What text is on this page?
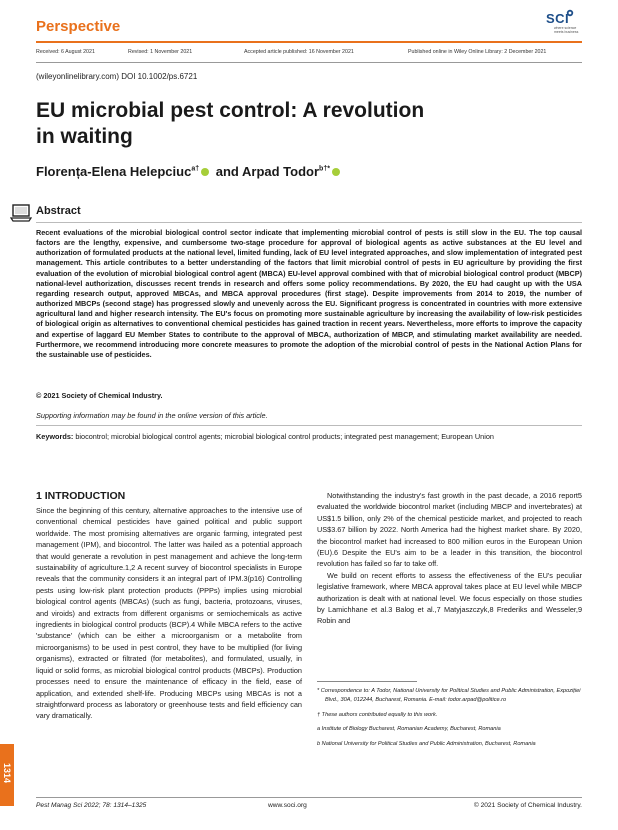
Perspective	SCI
where science meets business
Received: 6 August 2021	Revised: 1 November 2021	Accepted article published: 16 November 2021	Published online in Wiley Online Library: 2 December 2021
(wileyonlinelibrary.com) DOI 10.1002/ps.6721
EU microbial pest control: A revolution
in waiting
Florența-Elena Helepciuc$^{a\dagger}$ and Arpad Todor$^{b\dagger*}$
Abstract
Recent evaluations of the microbial biological control sector indicate that implementing microbial control of pests is still slow in the EU. The top causal factors are the lengthy, expensive, and cumbersome two-stage procedure for approval of biological agents as active substances at the EU level and authorization of formulated products at the national level, limited funding, lack of EU level integrated approaches, and slow implementation of integrated pest management. This article contributes to a better understanding of the factors that limit microbial control of pests in EU agriculture by providing the first evaluation of the evolution of microbial biological control agent (MBCA) EU-level approval combined with that of microbial biological control product (MBCP) national-level authorization, discusses recent trends in research and offers some policy recommendations. By 2020, the EU had caught up with the USA regarding research output, approved MBCAs, and MBCA approval procedures (first stage). Despite improvements from 2014 to 2019, the number of authorized MBCPs (second stage) has progressed slowly and unevenly across the EU. Significant progress is concentrated in countries with more extensive agricultural land and higher research intensity. The EU's focus on promoting more sustainable agriculture by increasing the availability of low-risk pesticides of biological origin as alternatives to conventional chemical pesticides has gained traction in recent years. Nevertheless, more efforts to improve the capacity and expertise of laggard EU Member States to contribute to the approval of MBCA, authorization of MBCP, and stimulating market availability are needed. Furthermore, we recommend introducing more concrete measures to promote the adoption of the microbial control of pests in the National Action Plans for the sustainable use of pesticides.
© 2021 Society of Chemical Industry.
Supporting information may be found in the online version of this article.
Keywords: biocontrol; microbial biological control agents; microbial biological control products; integrated pest management; European Union
1 INTRODUCTION

Since the beginning of this century, alternative approaches to the intensive use of conventional chemical pesticides have gained political and public support worldwide. The most promising alternatives are organic farming, integrated pest management (IPM), and biocontrol. The latter was hailed as a potential approach that would generate a revolution in pest management and achieve the long-term sustainability of agriculture.1,2 A recent survey of biocontrol specialists in Europe reveals that the community considers it an integral part of IPM.3(p16) Controlling pests using low-risk plant protection products (PPPs) implies using microbial biological control agents (MBCAs) (such as fungi, bacteria, protozoans, viruses, and viroids) and extracts from different organisms or semiochemicals as active ingredients in biological control products (BCP).4 While MBCA refers to the active 'substance' (which can be either a microorganism or a metabolite from microorganisms) to be used in pest control, they have to be multiplied (for living organisms), extracted or filtrated (for metabolites), and formulated, usually, in liquid or solid forms, as microbial biological control products (MBCPs). Production processes need to ensure the maintenance of efficacy in the field, ease of application, and extended shelf-life. Producing MBCPs using MBCAs is not a straightforward process as laboratory or greenhouse tests and field efficiency can vary dramatically.

Notwithstanding the industry's fast growth in the past decade, a 2016 report5 evaluated the worldwide biocontrol market (including MBCP and invertebrates) at US$1.5 billion, only 2% of the chemical pesticide market, and projected to reach US$3.67 billion by 2022. North America had the highest market share. By 2020, the biocontrol market had increased to 800 million euros in the European Union (EU).6 Despite the EU's aim to be a leader in this transition, the biocontrol revolution has failed so far to take off.

We build on recent efforts to assess the effectiveness of the EU's peculiar legislative framework, where MBCA approval takes place at EU level while MBCP authorization is dealt with at national level. We focus especially on those studies by Lamichhane et al.3 Balog et al.,7 Matyjaszczyk,8 Frederiks and Wesseler,9 Robin and

* Correspondence to: A Todor, National University for Political Studies and Public Administration, Expoziției Blvd., 30A, 012244, Bucharest, Romania. E-mail: todor.arpad@politice.ro

† These authors contributed equally to this work.

a Institute of Biology Bucharest, Romanian Academy, Bucharest, Romania

b National University for Political Studies and Public Administration, Bucharest, Romania

1314
Pest Manag Sci 2022; 78: 1314–1325	www.soci.org	© 2021 Society of Chemical Industry.
